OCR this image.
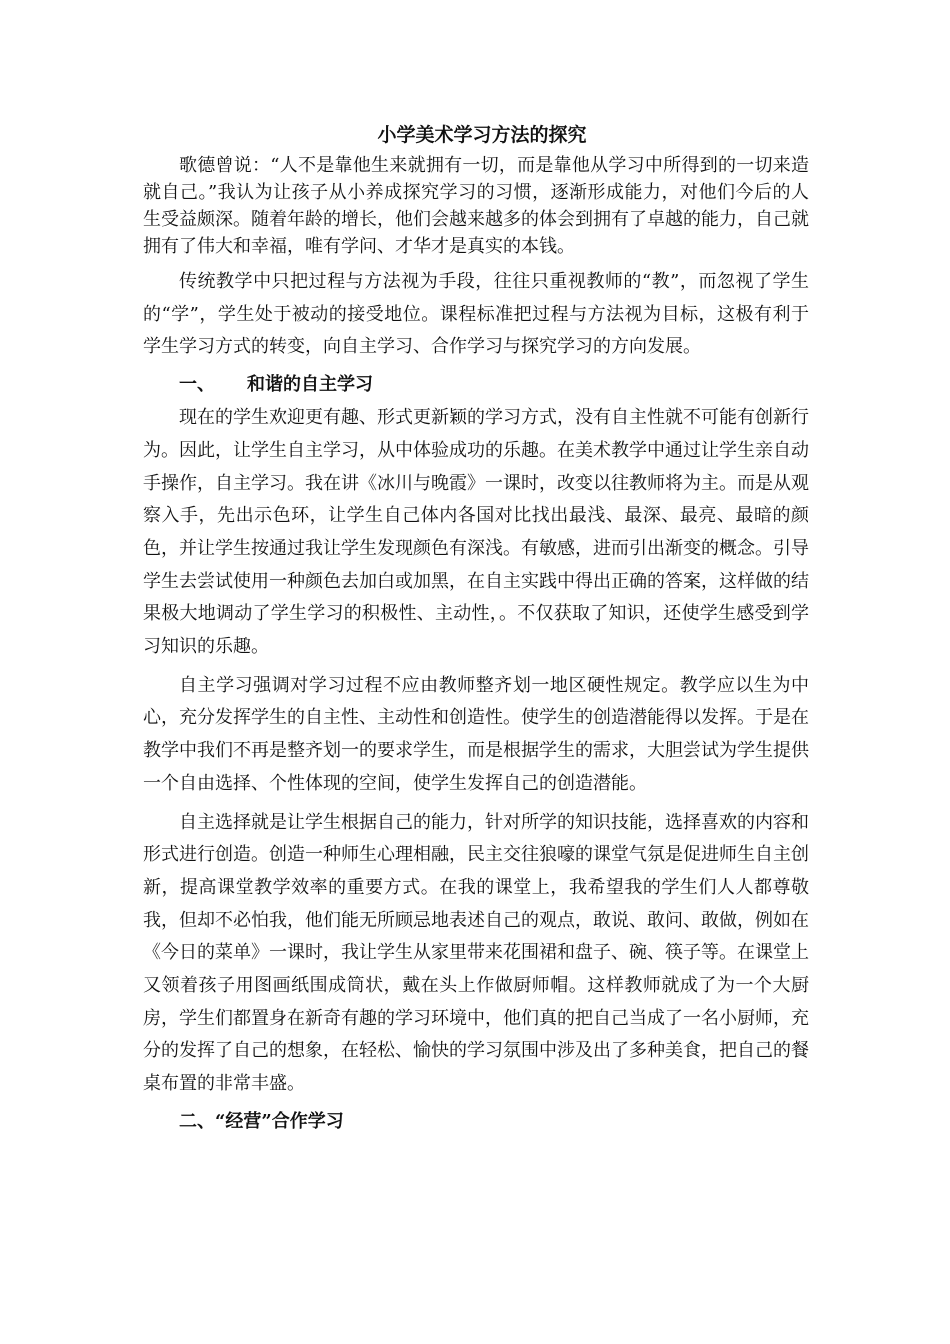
小学美术学习方法的探究

歌德曾说：“人不是靠他生来就拥有一切，而是靠他从学习中所得到的一切来造就自己。”我认为让孩子从小养成探究学习的习惯，逐渐形成能力，对他们今后的人生受益颇深。随着年龄的增长，他们会越来越多的体会到拥有了卓越的能力，自己就拥有了伟大和幸福，唯有学问、才华才是真实的本钱。

传统教学中只把过程与方法视为手段，往往只重视教师的“教”，而忽视了学生的“学”，学生处于被动的接受地位。课程标准把过程与方法视为目标，这极有利于学生学习方式的转变，向自主学习、合作学习与探究学习的方向发展。

一、 和谐的自主学习

现在的学生欢迎更有趣、形式更新颖的学习方式，没有自主性就不可能有创新行为。因此，让学生自主学习，从中体验成功的乐趣。在美术教学中通过让学生亲自动手操作，自主学习。我在讲《冰川与晚霞》一课时，改变以往教师将为主。而是从观察入手，先出示色环，让学生自己体内各国对比找出最浅、最深、最亮、最暗的颜色，并让学生按通过我让学生发现颜色有深浅。有敏感，进而引出渐变的概念。引导学生去尝试使用一种颜色去加白或加黑，在自主实践中得出正确的答案，这样做的结果极大地调动了学生学习的积极性、主动性，。不仅获取了知识，还使学生感受到学习知识的乐趣。

自主学习强调对学习过程不应由教师整齐划一地区硬性规定。教学应以生为中心，充分发挥学生的自主性、主动性和创造性。使学生的创造潜能得以发挥。于是在教学中我们不再是整齐划一的要求学生，而是根据学生的需求，大胆尝试为学生提供一个自由选择、个性体现的空间，使学生发挥自己的创造潜能。

自主选择就是让学生根据自己的能力，针对所学的知识技能，选择喜欢的内容和形式进行创造。创造一种师生心理相融，民主交往狼嚎的课堂气氛是促进师生自主创新，提高课堂教学效率的重要方式。在我的课堂上，我希望我的学生们人人都尊敬我，但却不必怕我，他们能无所顾忌地表述自己的观点，敢说、敢问、敢做，例如在《今日的菜单》一课时，我让学生从家里带来花围裙和盘子、碗、筷子等。在课堂上又领着孩子用图画纸围成筒状，戴在头上作做厨师帽。这样教师就成了为一个大厨房，学生们都置身在新奇有趣的学习环境中，他们真的把自己当成了一名小厨师，充分的发挥了自己的想象，在轻松、愉快的学习氛围中涉及出了多种美食，把自己的餐桌布置的非常丰盛。

二、“经营”合作学习
